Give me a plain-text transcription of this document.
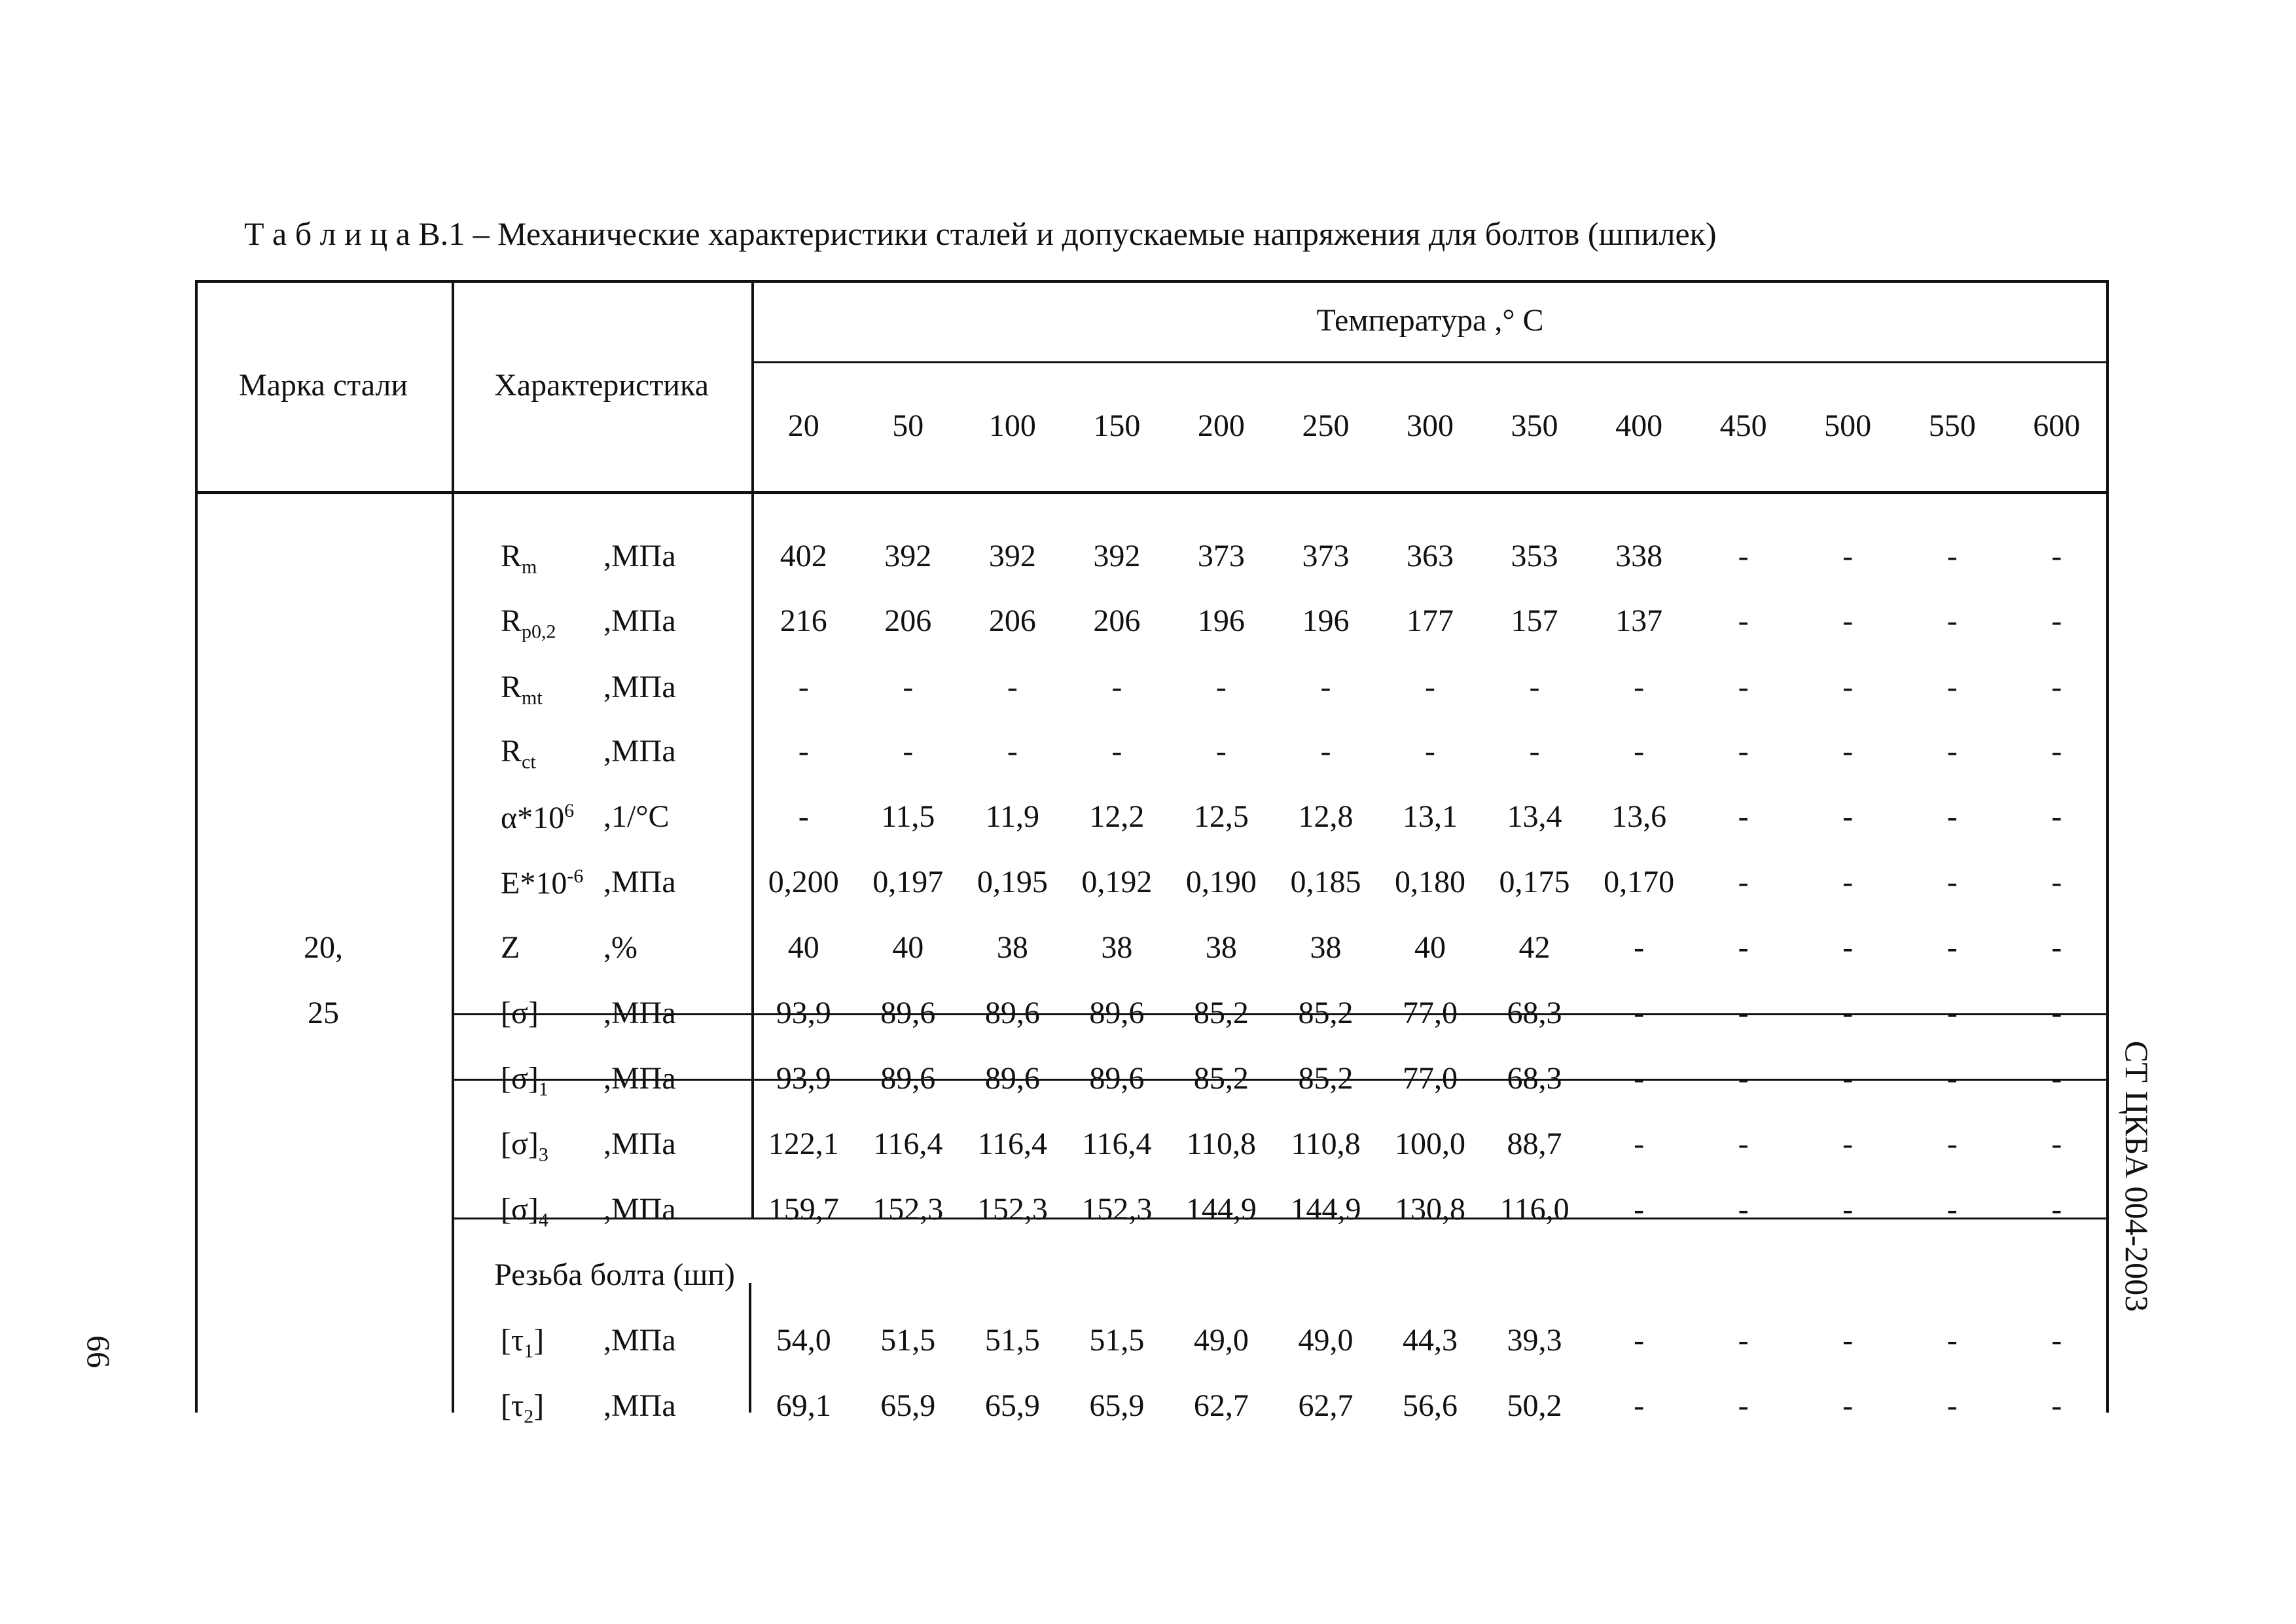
Т а б л и ц а В.1 – Механические характеристики сталей и допускаемые напряжения для болтов (шпилек)
СТ ЦКБА 004-2003
66
Марка стали	Характеристика
Температура ,° С
20	50	100	150	200	250	300	350	400	450	500	550	600
20,
25
Резьба болта (шп)
$R_m$ ,МПа	402	392	392	392	373	373	363	353	338	-	-	-	-
$R_{p0,2}$ ,МПа	216	206	206	206	196	196	177	157	137	-	-	-	-
$R_{mt}$ ,МПа	-	-	-	-	-	-	-	-	-	-	-	-	-
$R_{ct}$ ,МПа	-	-	-	-	-	-	-	-	-	-	-	-	-
$\alpha*10^6$ ,1/°С	-	11,5	11,9	12,2	12,5	12,8	13,1	13,4	13,6	-	-	-	-
$E*10^{-6}$ ,МПа	0,200	0,197	0,195	0,192	0,190	0,185	0,180	0,175	0,170	-	-	-	-
Z	,%	40	40	38	38	38	38	40	42	-	-	-	-	-
[σ] ,МПа	93,9	89,6	89,6	89,6	85,2	85,2	77,0	68,3	-	-	-	-	-
$[\sigma]_1$ ,МПа	93,9	89,6	89,6	89,6	85,2	85,2	77,0	68,3	-	-	-	-	-
$[\sigma]_3$ ,МПа	122,1	116,4	116,4	116,4	110,8	110,8	100,0	88,7	-	-	-	-	-
$[\sigma]_4$ ,МПа	159,7	152,3	152,3	152,3	144,9	144,9	130,8	116,0	-	-	-	-	-
$[\tau_1]$ ,МПа	54,0	51,5	51,5	51,5	49,0	49,0	44,3	39,3	-	-	-	-	-
$[\tau_2]$ ,МПа	69,1	65,9	65,9	65,9	62,7	62,7	56,6	50,2	-	-	-	-	-
